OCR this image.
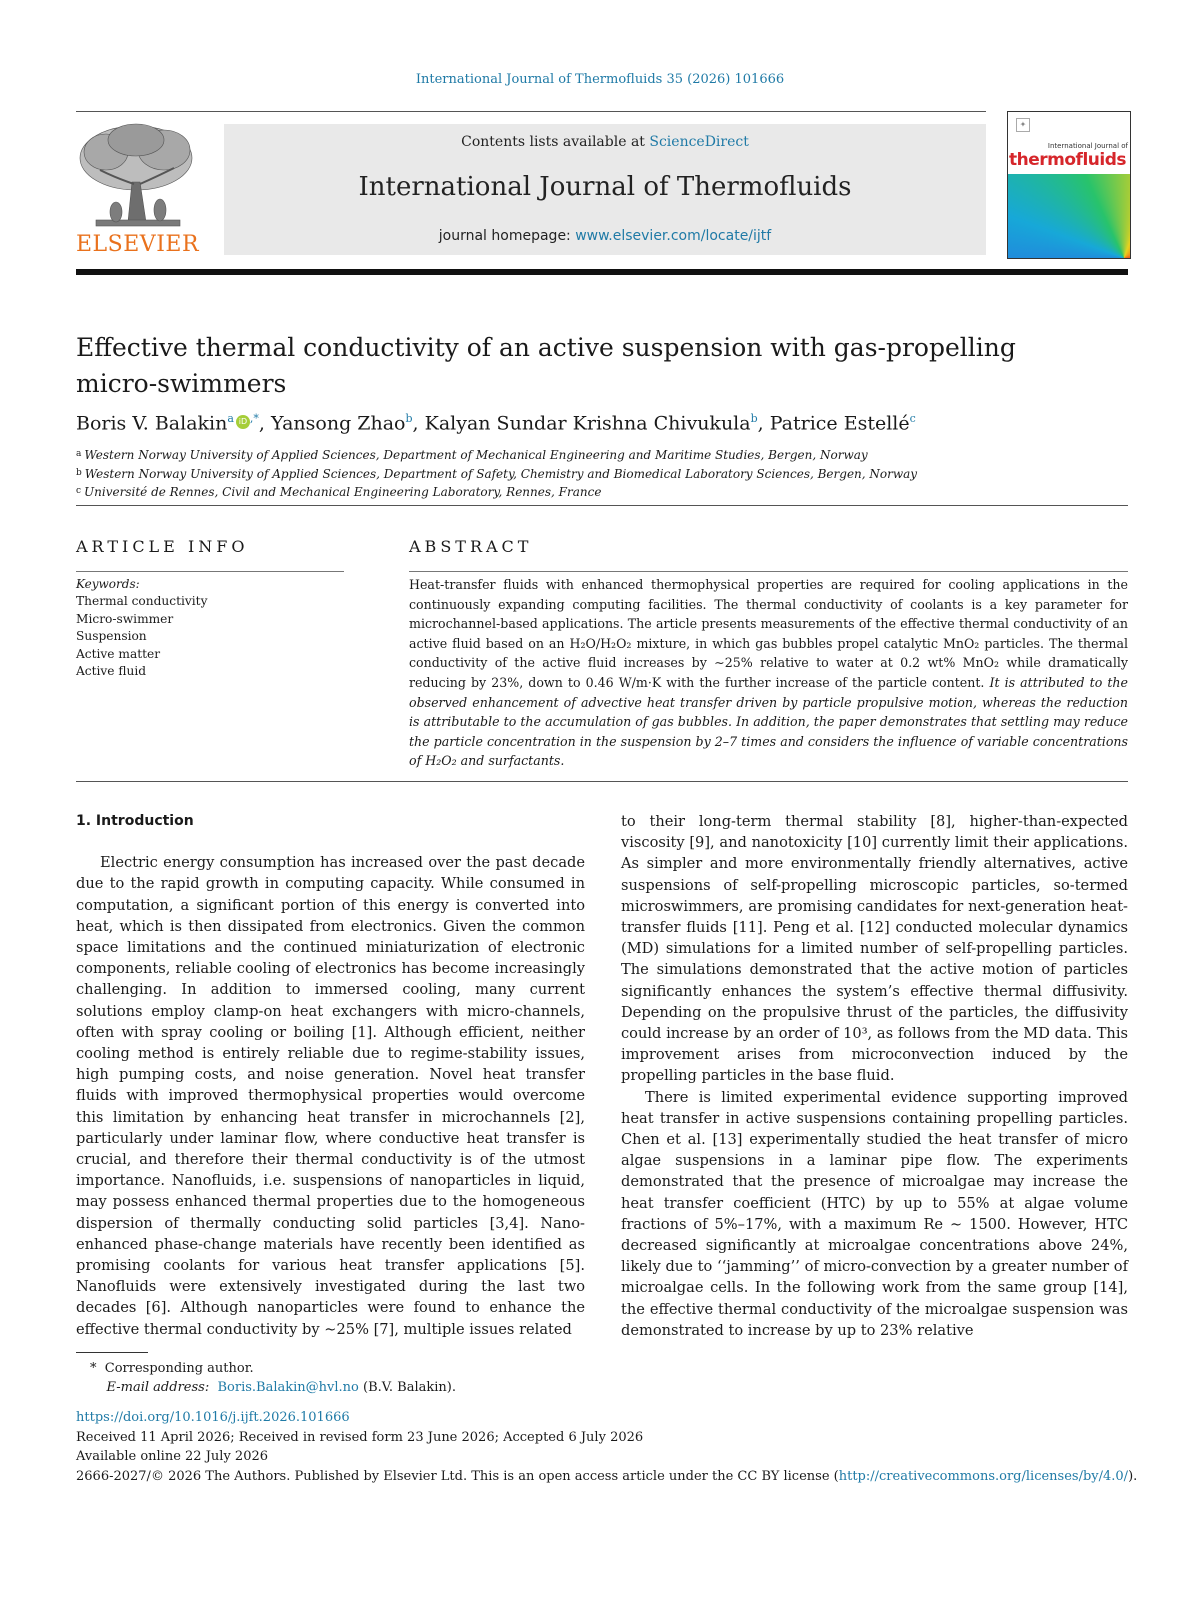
International Journal of Thermofluids 35 (2026) 101666
ELSEVIER
Contents lists available at ScienceDirect
International Journal of Thermofluids
journal homepage: www.elsevier.com/locate/ijtf
✦
International Journal of
thermofluids
Effective thermal conductivity of an active suspension with gas-propelling
micro-swimmers
Boris V. Balakin$^a$ iD ,*, Yansong Zhao$^b$, Kalyan Sundar Krishna Chivukula$^b$, Patrice Estellé$^c$
$^a$ Western Norway University of Applied Sciences, Department of Mechanical Engineering and Maritime Studies, Bergen, Norway
$^b$ Western Norway University of Applied Sciences, Department of Safety, Chemistry and Biomedical Laboratory Sciences, Bergen, Norway
$^c$ Université de Rennes, Civil and Mechanical Engineering Laboratory, Rennes, France
ARTICLE INFO
Keywords:
Thermal conductivity
Micro-swimmer
Suspension
Active matter
Active fluid
ABSTRACT
Heat-transfer fluids with enhanced thermophysical properties are required for cooling applications in the continuously expanding computing facilities. The thermal conductivity of coolants is a key parameter for microchannel-based applications. The article presents measurements of the effective thermal conductivity of an active fluid based on an H₂O/H₂O₂ mixture, in which gas bubbles propel catalytic MnO₂ particles. The thermal conductivity of the active fluid increases by ∼25% relative to water at 0.2 wt% MnO₂ while dramatically reducing by 23%, down to 0.46 W/m·K with the further increase of the particle content. It is attributed to the observed enhancement of advective heat transfer driven by particle propulsive motion, whereas the reduction is attributable to the accumulation of gas bubbles. In addition, the paper demonstrates that settling may reduce the particle concentration in the suspension by 2–7 times and considers the influence of variable concentrations of H₂O₂ and surfactants.
1. Introduction

Electric energy consumption has increased over the past decade due to the rapid growth in computing capacity. While consumed in computation, a significant portion of this energy is converted into heat, which is then dissipated from electronics. Given the common space limitations and the continued miniaturization of electronic components, reliable cooling of electronics has become increasingly challenging. In addition to immersed cooling, many current solutions employ clamp-on heat exchangers with micro-channels, often with spray cooling or boiling [1]. Although efficient, neither cooling method is entirely reliable due to regime-stability issues, high pumping costs, and noise generation. Novel heat transfer fluids with improved thermophysical properties would overcome this limitation by enhancing heat transfer in microchannels [2], particularly under laminar flow, where conductive heat transfer is crucial, and therefore their thermal conductivity is of the utmost importance. Nanofluids, i.e. suspensions of nanoparticles in liquid, may possess enhanced thermal properties due to the homogeneous dispersion of thermally conducting solid particles [3,4]. Nano-enhanced phase-change materials have recently been identified as promising coolants for various heat transfer applications [5]. Nanofluids were extensively investigated during the last two decades [6]. Although nanoparticles were found to enhance the effective thermal conductivity by ∼25% [7], multiple issues related

to their long-term thermal stability [8], higher-than-expected viscosity [9], and nanotoxicity [10] currently limit their applications. As simpler and more environmentally friendly alternatives, active suspensions of self-propelling microscopic particles, so-termed microswimmers, are promising candidates for next-generation heat-transfer fluids [11]. Peng et al. [12] conducted molecular dynamics (MD) simulations for a limited number of self-propelling particles. The simulations demonstrated that the active motion of particles significantly enhances the system’s effective thermal diffusivity. Depending on the propulsive thrust of the particles, the diffusivity could increase by an order of 10³, as follows from the MD data. This improvement arises from microconvection induced by the propelling particles in the base fluid.

There is limited experimental evidence supporting improved heat transfer in active suspensions containing propelling particles. Chen et al. [13] experimentally studied the heat transfer of micro algae suspensions in a laminar pipe flow. The experiments demonstrated that the presence of microalgae may increase the heat transfer coefficient (HTC) by up to 55% at algae volume fractions of 5%–17%, with a maximum Re ∼ 1500. However, HTC decreased significantly at microalgae concentrations above 24%, likely due to ‘‘jamming’’ of micro-convection by a greater number of microalgae cells. In the following work from the same group [14], the effective thermal conductivity of the microalgae suspension was demonstrated to increase by up to 23% relative

* Corresponding author.
E-mail address: Boris.Balakin@hvl.no (B.V. Balakin).
https://doi.org/10.1016/j.ijft.2026.101666
Received 11 April 2026; Received in revised form 23 June 2026; Accepted 6 July 2026
Available online 22 July 2026
2666-2027/© 2026 The Authors. Published by Elsevier Ltd. This is an open access article under the CC BY license (http://creativecommons.org/licenses/by/4.0/).
